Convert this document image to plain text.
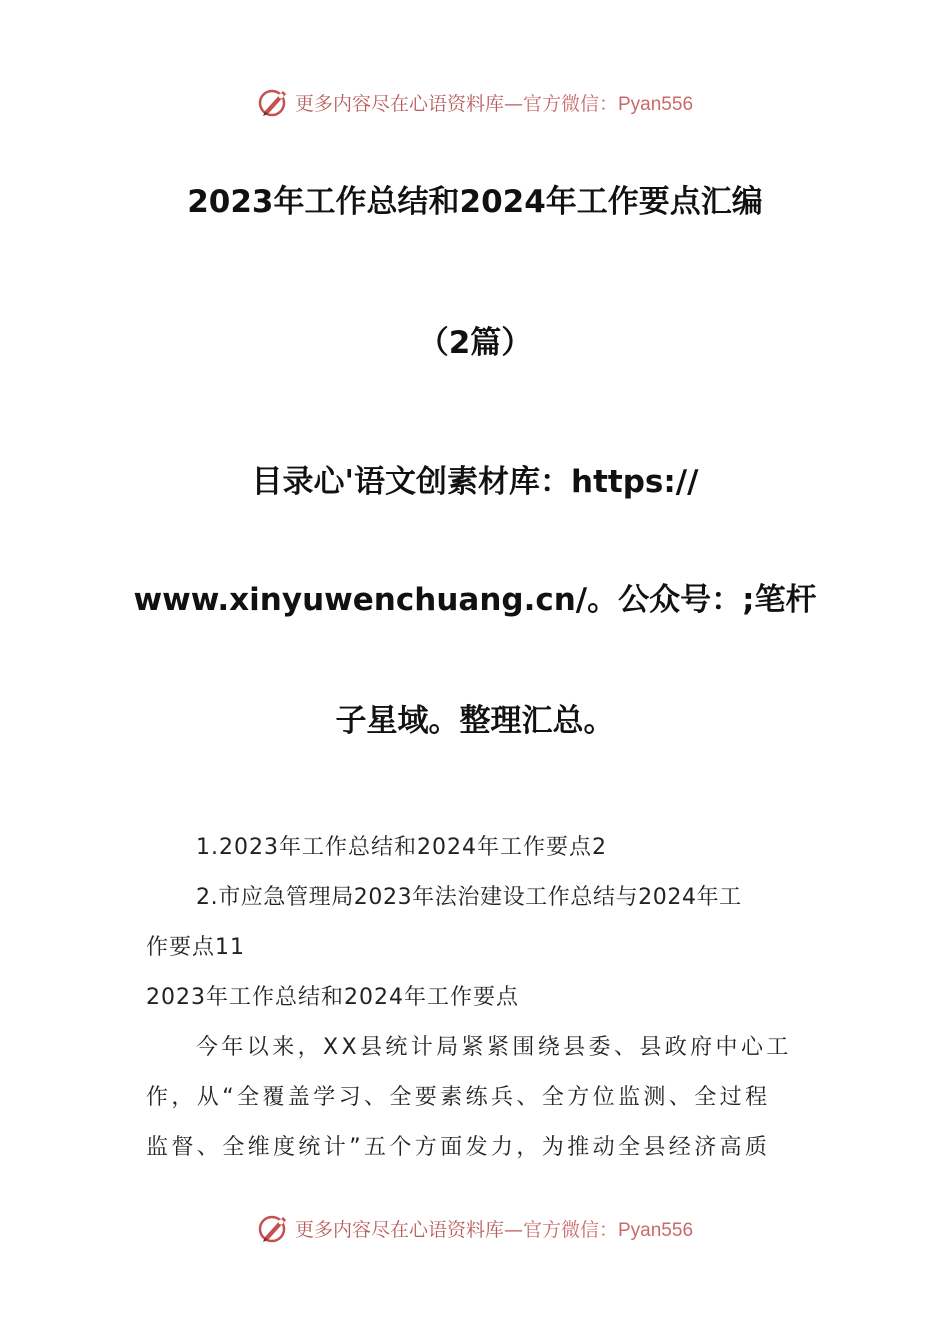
更多内容尽在心语资料库—官方微信：Pyan556
2023年工作总结和2024年工作要点汇编
（2篇）
目录心'语文创素材库：https://
www.xinyuwenchuang.cn/。公众号：;笔杆
子星域。整理汇总。
1.2023年工作总结和2024年工作要点2
2.市应急管理局2023年法治建设工作总结与2024年工
作要点11
2023年工作总结和2024年工作要点
今年以来，XX县统计局紧紧围绕县委、县政府中心工
作，从“全覆盖学习、全要素练兵、全方位监测、全过程
监督、全维度统计”五个方面发力，为推动全县经济高质
更多内容尽在心语资料库—官方微信：Pyan556
